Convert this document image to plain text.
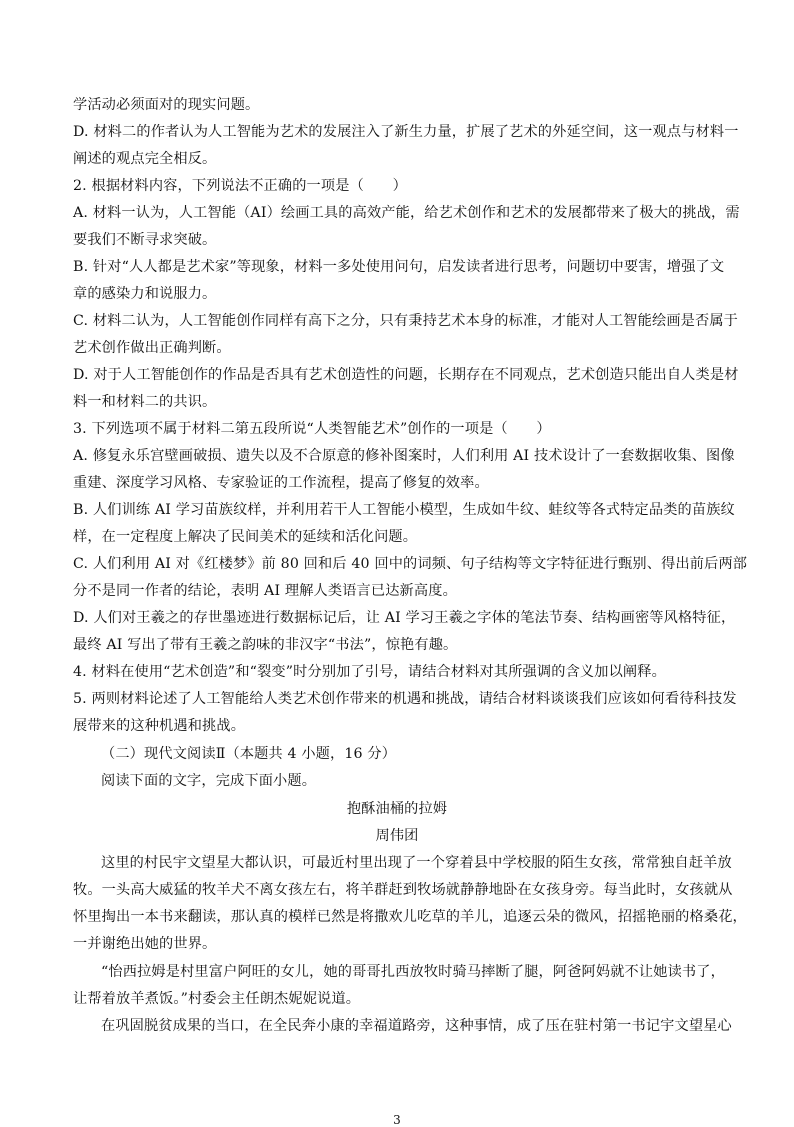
学活动必须面对的现实问题。
D. 材料二的作者认为人工智能为艺术的发展注入了新生力量，扩展了艺术的外延空间，这一观点与材料一
阐述的观点完全相反。
2. 根据材料内容，下列说法不正确的一项是（　　）
A. 材料一认为，人工智能（AI）绘画工具的高效产能，给艺术创作和艺术的发展都带来了极大的挑战，需
要我们不断寻求突破。
B. 针对“人人都是艺术家”等现象，材料一多处使用问句，启发读者进行思考，问题切中要害，增强了文
章的感染力和说服力。
C. 材料二认为，人工智能创作同样有高下之分，只有秉持艺术本身的标准，才能对人工智能绘画是否属于
艺术创作做出正确判断。
D. 对于人工智能创作的作品是否具有艺术创造性的问题，长期存在不同观点，艺术创造只能出自人类是材
料一和材料二的共识。
3. 下列选项不属于材料二第五段所说“人类智能艺术”创作的一项是（　　）
A. 修复永乐宫壁画破损、遗失以及不合原意的修补图案时，人们利用 AI 技术设计了一套数据收集、图像
重建、深度学习风格、专家验证的工作流程，提高了修复的效率。
B. 人们训练 AI 学习苗族纹样，并利用若干人工智能小模型，生成如牛纹、蛙纹等各式特定品类的苗族纹
样，在一定程度上解决了民间美术的延续和活化问题。
C. 人们利用 AI 对《红楼梦》前 80 回和后 40 回中的词频、句子结构等文字特征进行甄别、得出前后两部
分不是同一作者的结论，表明 AI 理解人类语言已达新高度。
D. 人们对王羲之的存世墨迹进行数据标记后，让 AI 学习王羲之字体的笔法节奏、结构画密等风格特征，
最终 AI 写出了带有王羲之韵味的非汉字“书法”，惊艳有趣。
4. 材料在使用“艺术创造”和“裂变”时分别加了引号，请结合材料对其所强调的含义加以阐释。
5. 两则材料论述了人工智能给人类艺术创作带来的机遇和挑战，请结合材料谈谈我们应该如何看待科技发
展带来的这种机遇和挑战。
（二）现代文阅读Ⅱ（本题共 4 小题，16 分）
阅读下面的文字，完成下面小题。
抱酥油桶的拉姆
周伟团
这里的村民宇文望星大都认识，可最近村里出现了一个穿着县中学校服的陌生女孩，常常独自赶羊放
牧。一头高大威猛的牧羊犬不离女孩左右，将羊群赶到牧场就静静地卧在女孩身旁。每当此时，女孩就从
怀里掏出一本书来翻读，那认真的模样已然是将撒欢儿吃草的羊儿，追逐云朵的微风，招摇艳丽的格桑花，
一并谢绝出她的世界。
“怡西拉姆是村里富户阿旺的女儿，她的哥哥扎西放牧时骑马摔断了腿，阿爸阿妈就不让她读书了，
让帮着放羊煮饭。”村委会主任朗杰妮妮说道。
在巩固脱贫成果的当口，在全民奔小康的幸福道路旁，这种事情，成了压在驻村第一书记宇文望星心
3
